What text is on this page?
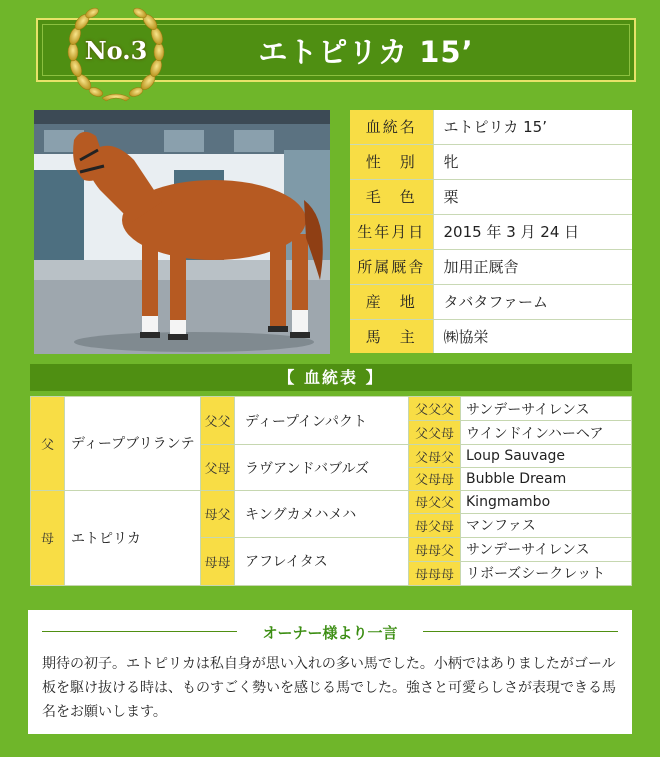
エトピリカ 15’
No.3
血統名	エトピリカ 15’
性　別	牝
毛　色	栗
生年月日	2015 年 3 月 24 日
所属厩舎	加用正厩舎
産　地	タバタファーム
馬　主	㈱協栄
【 血統表 】
父	ディープブリランテ	父父	ディープインパクト	父父父	サンデーサイレンス
				父父母	ウインドインハーヘア
		父母	ラヴアンドバブルズ	父母父	Loup Sauvage
				父母母	Bubble Dream
母	エトピリカ	母父	キングカメハメハ	母父父	Kingmambo
				母父母	マンファス
		母母	アフレイタス	母母父	サンデーサイレンス
				母母母	リボーズシークレット
オーナー様より一言
期待の初子。エトピリカは私自身が思い入れの多い馬でした。小柄ではありましたがゴール板を駆け抜ける時は、ものすごく勢いを感じる馬でした。強さと可愛らしさが表現できる馬名をお願いします。
